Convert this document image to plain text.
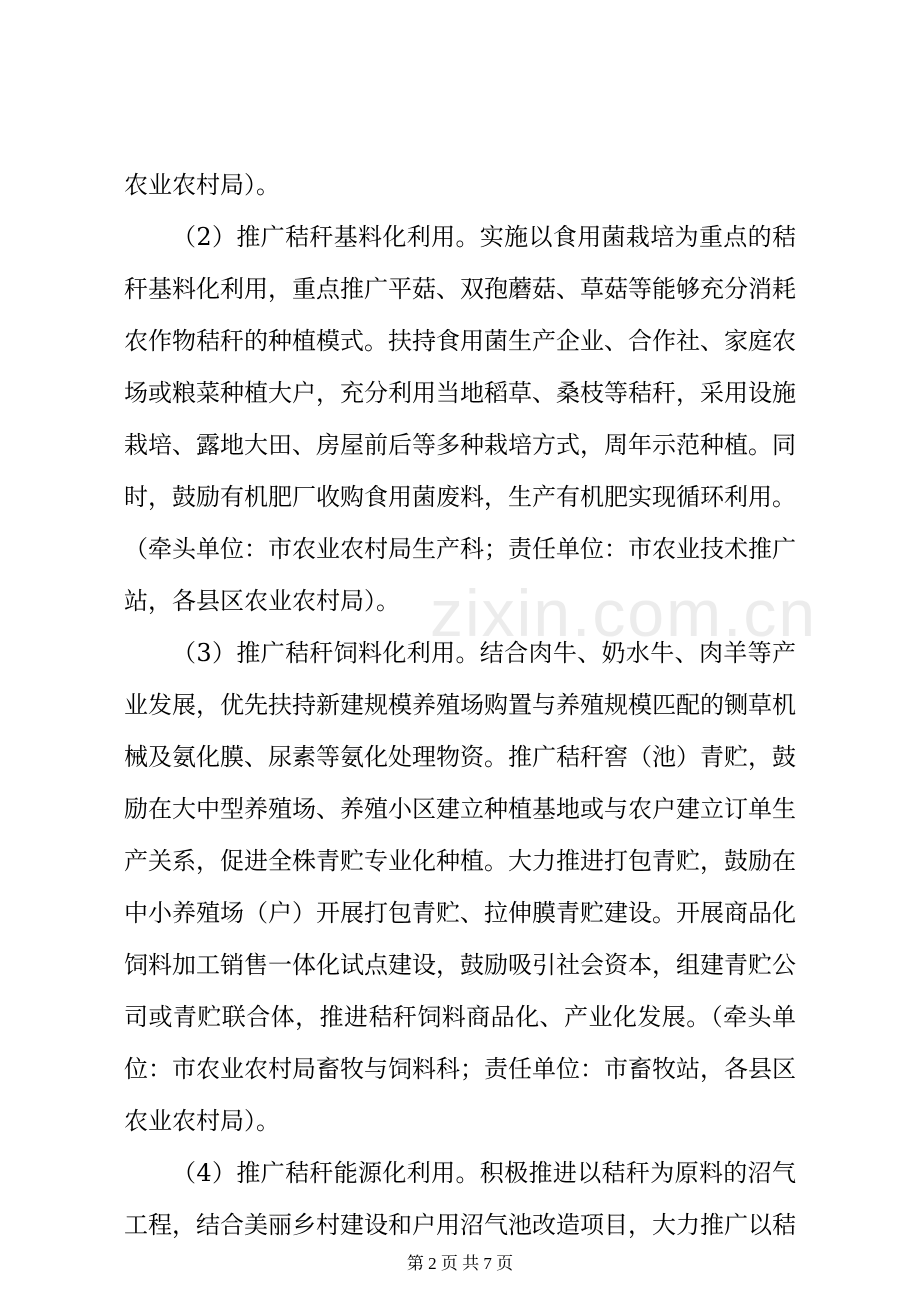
zixin.com.cn
农业农村局）。
（2）推广秸秆基料化利用。实施以食用菌栽培为重点的秸
秆基料化利用，重点推广平菇、双孢蘑菇、草菇等能够充分消耗
农作物秸秆的种植模式。扶持食用菌生产企业、合作社、家庭农
场或粮菜种植大户，充分利用当地稻草、桑枝等秸秆，采用设施
栽培、露地大田、房屋前后等多种栽培方式，周年示范种植。同
时，鼓励有机肥厂收购食用菌废料，生产有机肥实现循环利用。
（牵头单位：市农业农村局生产科；责任单位：市农业技术推广
站，各县区农业农村局）。
（3）推广秸秆饲料化利用。结合肉牛、奶水牛、肉羊等产
业发展，优先扶持新建规模养殖场购置与养殖规模匹配的铡草机
械及氨化膜、尿素等氨化处理物资。推广秸秆窖（池）青贮，鼓
励在大中型养殖场、养殖小区建立种植基地或与农户建立订单生
产关系，促进全株青贮专业化种植。大力推进打包青贮，鼓励在
中小养殖场（户）开展打包青贮、拉伸膜青贮建设。开展商品化
饲料加工销售一体化试点建设，鼓励吸引社会资本，组建青贮公
司或青贮联合体，推进秸秆饲料商品化、产业化发展。（牵头单
位：市农业农村局畜牧与饲料科；责任单位：市畜牧站，各县区
农业农村局）。
（4）推广秸秆能源化利用。积极推进以秸秆为原料的沼气
工程，结合美丽乡村建设和户用沼气池改造项目，大力推广以秸
第 2 页 共 7 页
